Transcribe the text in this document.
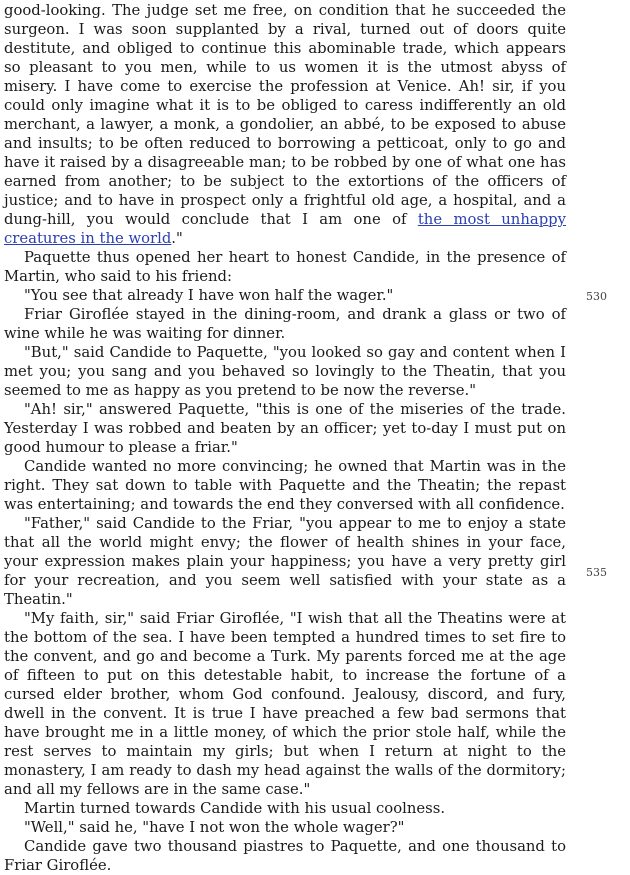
good-looking. The judge set me free, on condition that he succeeded the surgeon. I was soon supplanted by a rival, turned out of doors quite destitute, and obliged to continue this abominable trade, which appears so pleasant to you men, while to us women it is the utmost abyss of misery. I have come to exercise the profession at Venice. Ah! sir, if you could only imagine what it is to be obliged to caress indifferently an old merchant, a lawyer, a monk, a gondolier, an abbé, to be exposed to abuse and insults; to be often reduced to borrowing a petticoat, only to go and have it raised by a disagreeable man; to be robbed by one of what one has earned from another; to be subject to the extortions of the officers of justice; and to have in prospect only a frightful old age, a hospital, and a dung-hill, you would conclude that I am one of the most unhappy creatures in the world."

Paquette thus opened her heart to honest Candide, in the presence of Martin, who said to his friend:

"You see that already I have won half the wager."

Friar Giroflée stayed in the dining-room, and drank a glass or two of wine while he was waiting for dinner.

"But," said Candide to Paquette, "you looked so gay and content when I met you; you sang and you behaved so lovingly to the Theatin, that you seemed to me as happy as you pretend to be now the reverse."

"Ah! sir," answered Paquette, "this is one of the miseries of the trade. Yesterday I was robbed and beaten by an officer; yet to-day I must put on good humour to please a friar."

Candide wanted no more convincing; he owned that Martin was in the right. They sat down to table with Paquette and the Theatin; the repast was entertaining; and towards the end they conversed with all confidence.

"Father," said Candide to the Friar, "you appear to me to enjoy a state that all the world might envy; the flower of health shines in your face, your expression makes plain your happiness; you have a very pretty girl for your recreation, and you seem well satisfied with your state as a Theatin."

"My faith, sir," said Friar Giroflée, "I wish that all the Theatins were at the bottom of the sea. I have been tempted a hundred times to set fire to the convent, and go and become a Turk. My parents forced me at the age of fifteen to put on this detestable habit, to increase the fortune of a cursed elder brother, whom God confound. Jealousy, discord, and fury, dwell in the convent. It is true I have preached a few bad sermons that have brought me in a little money, of which the prior stole half, while the rest serves to maintain my girls; but when I return at night to the monastery, I am ready to dash my head against the walls of the dormitory; and all my fellows are in the same case."

Martin turned towards Candide with his usual coolness.

"Well," said he, "have I not won the whole wager?"

Candide gave two thousand piastres to Paquette, and one thousand to Friar Giroflée.

530
535
